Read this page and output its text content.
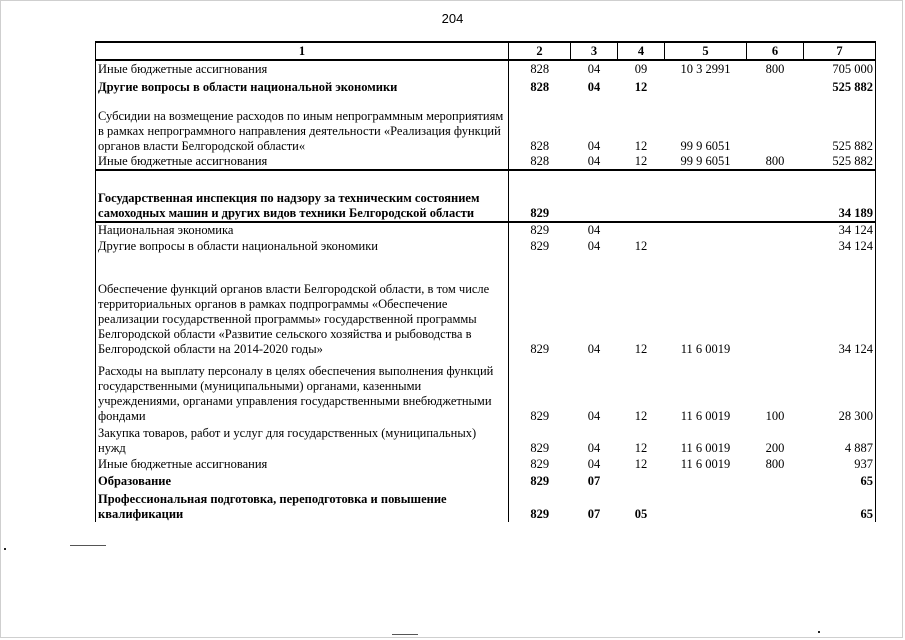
204
1	2	3	4	5	6	7
Иные бюджетные ассигнования	828	04	09	10 3 2991	800	705 000
Другие вопросы в области национальной экономики	828	04	12			525 882
Субсидии на возмещение расходов по иным непрограммным мероприятиям в рамках непрограммного направления деятельности «Реализация функций органов власти Белгородской области«	828	04	12	99 9 6051		525 882
Иные бюджетные ассигнования	828	04	12	99 9 6051	800	525 882
Государственная инспекция по надзору за техническим состоянием самоходных машин и других видов техники Белгородской области	829					34 189
Национальная экономика	829	04				34 124
Другие вопросы в области национальной экономики	829	04	12			34 124
Обеспечение функций органов власти Белгородской области, в том числе территориальных органов в рамках подпрограммы «Обеспечение реализации государственной программы» государственной программы Белгородской области «Развитие сельского хозяйства и рыбоводства в Белгородской области на 2014-2020 годы»	829	04	12	11 6 0019		34 124
Расходы на выплату персоналу в целях обеспечения выполнения функций государственными (муниципальными) органами, казенными учреждениями, органами управления государственными внебюджетными фондами	829	04	12	11 6 0019	100	28 300
Закупка товаров, работ и услуг для государственных (муниципальных) нужд	829	04	12	11 6 0019	200	4 887
Иные бюджетные ассигнования	829	04	12	11 6 0019	800	937
Образование	829	07				65
Профессиональная подготовка, переподготовка и повышение квалификации	829	07	05			65
